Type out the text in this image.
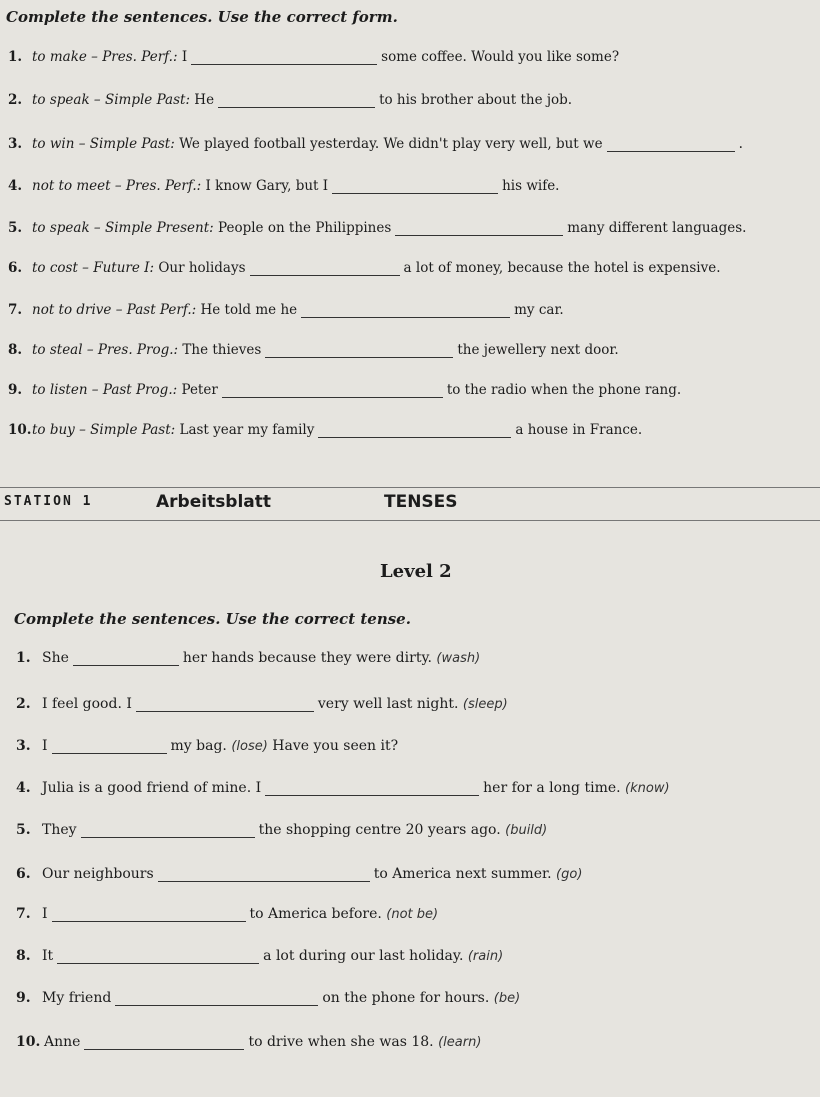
Complete the sentences. Use the correct form.
1. to make – Pres. Perf.:
I	some coffee. Would you like some?
2. to speak – Simple Past:
He	to his brother about the job.
3. to win – Simple Past:
We played football yesterday. We didn't play very well, but we	.
4. not to meet – Pres. Perf.:
I know Gary, but I	his wife.
5. to speak – Simple Present:
People on the Philippines	many different languages.
6. to cost – Future I:
Our holidays	a lot of money, because the hotel is expensive.
7. not to drive – Past Perf.:
He told me he	my car.
8. to steal – Pres. Prog.:
The thieves	the jewellery next door.
9. to listen – Past Prog.:
Peter	to the radio when the phone rang.
10. to buy – Simple Past:
Last year my family	a house in France.
STATION 1	Arbeitsblatt	TENSES
Level 2
Complete the sentences. Use the correct tense.
1. She	her hands because they were dirty.
(wash)
2. I feel good. I	very well last night.
(sleep)
3. I	my bag.
(lose)
Have you seen it?
4. Julia is a good friend of mine. I	her for a long time.
(know)
5. They	the shopping centre 20 years ago.
(build)
6. Our neighbours	to America next summer.
(go)
7. I	to America before.
(not be)
8. It	a lot during our last holiday.
(rain)
9. My friend	on the phone for hours.
(be)
10. Anne	to drive when she was 18.
(learn)
